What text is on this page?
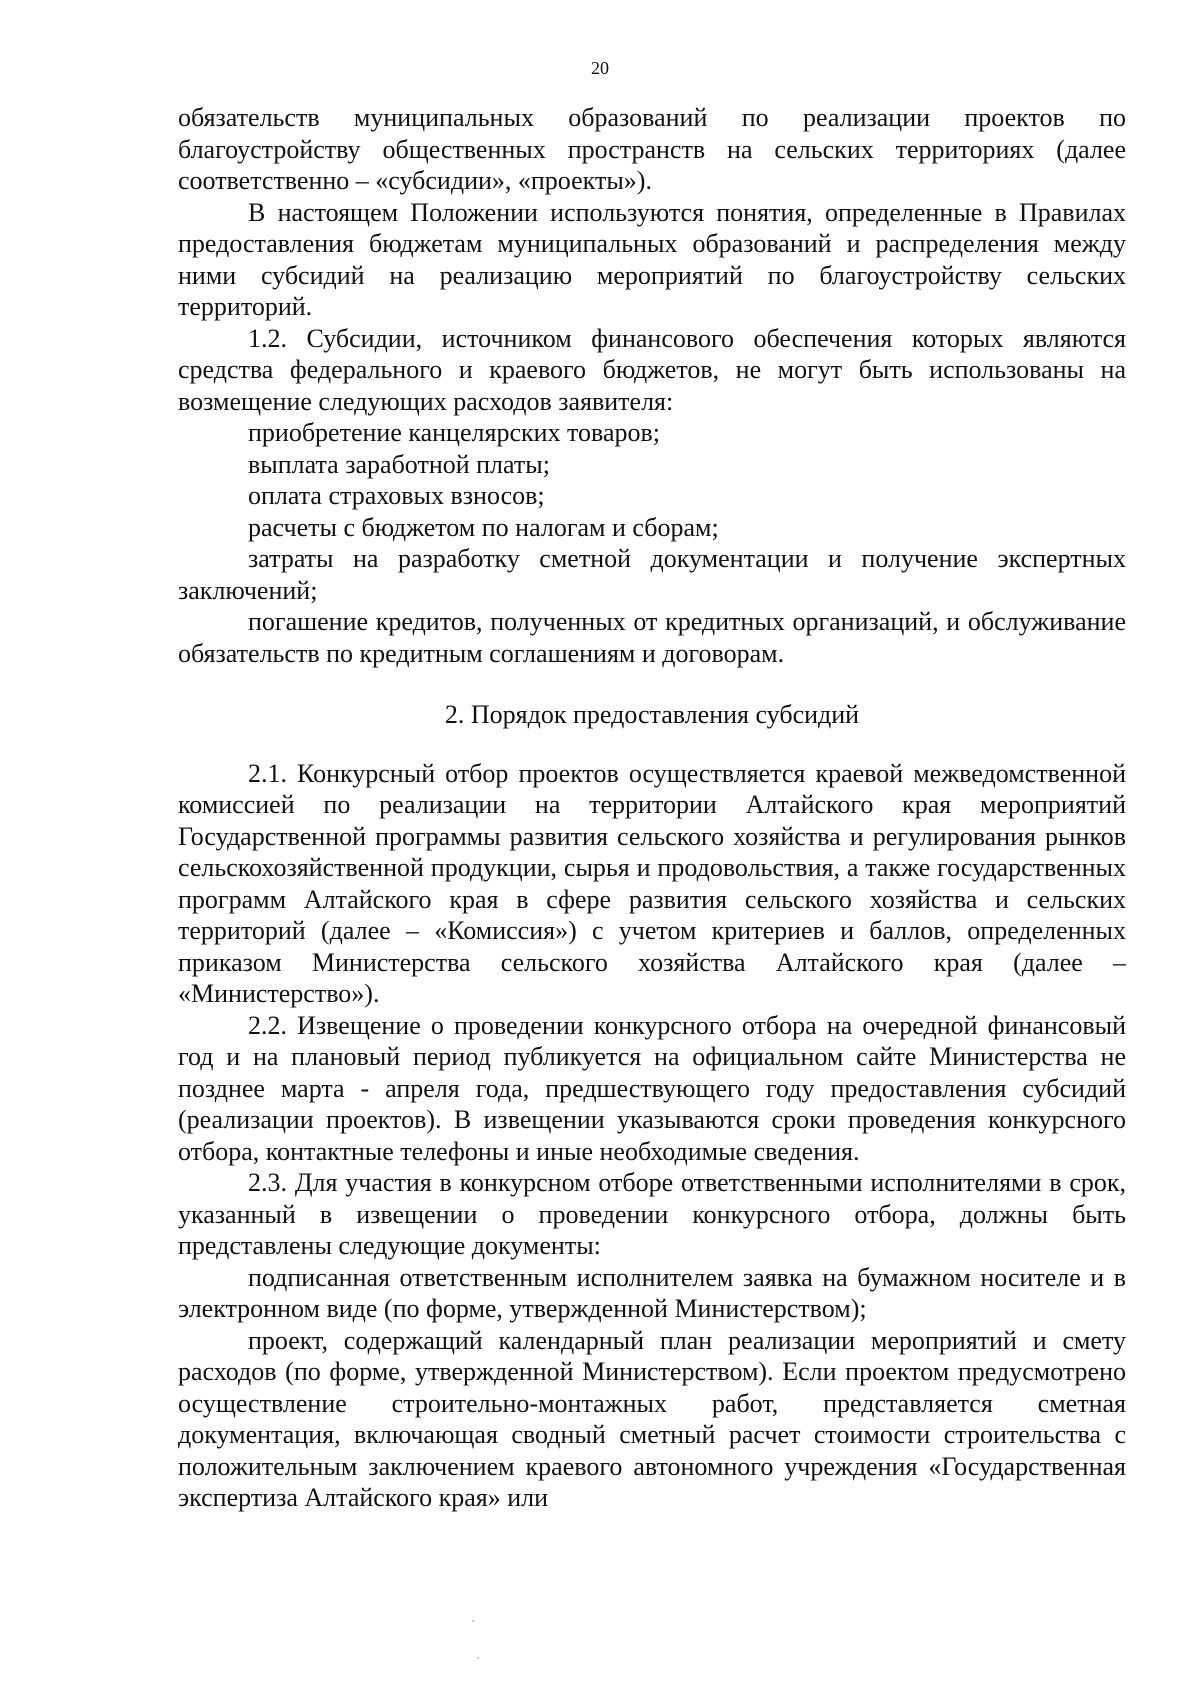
20

обязательств муниципальных образований по реализации проектов по благоустройству общественных пространств на сельских территориях (далее соответственно – «субсидии», «проекты»).

В настоящем Положении используются понятия, определенные в Правилах предоставления бюджетам муниципальных образований и распределения между ними субсидий на реализацию мероприятий по благоустройству сельских территорий.

1.2. Субсидии, источником финансового обеспечения которых являются средства федерального и краевого бюджетов, не могут быть использованы на возмещение следующих расходов заявителя:

приобретение канцелярских товаров;

выплата заработной платы;

оплата страховых взносов;

расчеты с бюджетом по налогам и сборам;

затраты на разработку сметной документации и получение экспертных заключений;

погашение кредитов, полученных от кредитных организаций, и обслуживание обязательств по кредитным соглашениям и договорам.

2. Порядок предоставления субсидий

2.1. Конкурсный отбор проектов осуществляется краевой межведомственной комиссией по реализации на территории Алтайского края мероприятий Государственной программы развития сельского хозяйства и регулирования рынков сельскохозяйственной продукции, сырья и продовольствия, а также государственных программ Алтайского края в сфере развития сельского хозяйства и сельских территорий (далее – «Комиссия») с учетом критериев и баллов, определенных приказом Министерства сельского хозяйства Алтайского края (далее – «Министерство»).

2.2. Извещение о проведении конкурсного отбора на очередной финансовый год и на плановый период публикуется на официальном сайте Министерства не позднее марта - апреля года, предшествующего году предоставления субсидий (реализации проектов). В извещении указываются сроки проведения конкурсного отбора, контактные телефоны и иные необходимые сведения.

2.3. Для участия в конкурсном отборе ответственными исполнителями в срок, указанный в извещении о проведении конкурсного отбора, должны быть представлены следующие документы:

подписанная ответственным исполнителем заявка на бумажном носителе и в электронном виде (по форме, утвержденной Министерством);

проект, содержащий календарный план реализации мероприятий и смету расходов (по форме, утвержденной Министерством). Если проектом предусмотрено осуществление строительно-монтажных работ, представляется сметная документация, включающая сводный сметный расчет стоимости строительства с положительным заключением краевого автономного учреждения «Государственная экспертиза Алтайского края» или
